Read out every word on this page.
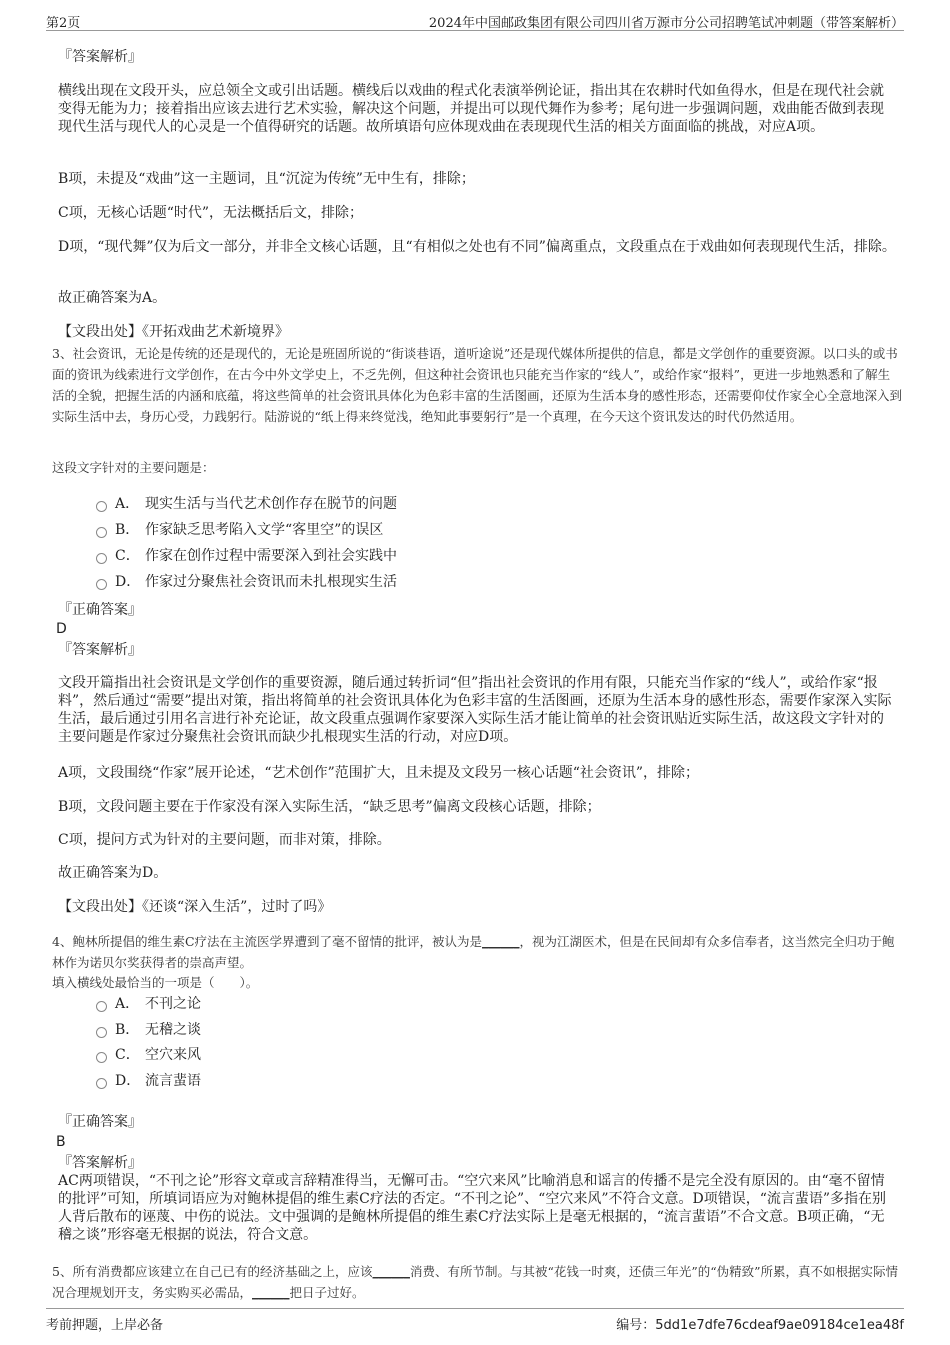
第2页	2024年中国邮政集团有限公司四川省万源市分公司招聘笔试冲刺题（带答案解析）

『答案解析』

横线出现在文段开头，应总领全文或引出话题。横线后以戏曲的程式化表演举例论证，指出其在农耕时代如鱼得水，但是在现代社会就变得无能为力；接着指出应该去进行艺术实验，解决这个问题，并提出可以现代舞作为参考；尾句进一步强调问题，戏曲能否做到表现现代生活与现代人的心灵是一个值得研究的话题。故所填语句应体现戏曲在表现现代生活的相关方面面临的挑战，对应A项。

B项，未提及“戏曲”这一主题词，且“沉淀为传统”无中生有，排除；

C项，无核心话题“时代”，无法概括后文，排除；

D项，“现代舞”仅为后文一部分，并非全文核心话题，且“有相似之处也有不同”偏离重点，文段重点在于戏曲如何表现现代生活，排除。

故正确答案为A。

【文段出处】《开拓戏曲艺术新境界》

3、社会资讯，无论是传统的还是现代的，无论是班固所说的“街谈巷语，道听途说”还是现代媒体所提供的信息，都是文学创作的重要资源。以口头的或书面的资讯为线索进行文学创作，在古今中外文学史上，不乏先例，但这种社会资讯也只能充当作家的“线人”，或给作家“报料”，更进一步地熟悉和了解生活的全貌，把握生活的内涵和底蕴，将这些简单的社会资讯具体化为色彩丰富的生活图画，还原为生活本身的感性形态，还需要仰仗作家全心全意地深入到实际生活中去，身历心受，力践躬行。陆游说的“纸上得来终觉浅，绝知此事要躬行”是一个真理，在今天这个资讯发达的时代仍然适用。

这段文字针对的主要问题是：

A． 现实生活与当代艺术创作存在脱节的问题
B． 作家缺乏思考陷入文学“客里空”的误区
C． 作家在创作过程中需要深入到社会实践中
D． 作家过分聚焦社会资讯而未扎根现实生活

『正确答案』

D

『答案解析』

文段开篇指出社会资讯是文学创作的重要资源，随后通过转折词“但”指出社会资讯的作用有限，只能充当作家的“线人”，或给作家“报料”，然后通过“需要”提出对策，指出将简单的社会资讯具体化为色彩丰富的生活图画，还原为生活本身的感性形态，需要作家深入实际生活，最后通过引用名言进行补充论证，故文段重点强调作家要深入实际生活才能让简单的社会资讯贴近实际生活，故这段文字针对的主要问题是作家过分聚焦社会资讯而缺少扎根现实生活的行动，对应D项。

A项，文段围绕“作家”展开论述，“艺术创作”范围扩大，且未提及文段另一核心话题“社会资讯”，排除；

B项，文段问题主要在于作家没有深入实际生活，“缺乏思考”偏离文段核心话题，排除；

C项，提问方式为针对的主要问题，而非对策，排除。

故正确答案为D。

【文段出处】《还谈“深入生活”，过时了吗》

4、鲍林所提倡的维生素C疗法在主流医学界遭到了毫不留情的批评，被认为是______，视为江湖医术，但是在民间却有众多信奉者，这当然完全归功于鲍林作为诺贝尔奖获得者的崇高声望。

填入横线处最恰当的一项是（　　）。

A． 不刊之论
B． 无稽之谈
C． 空穴来风
D． 流言蜚语

『正确答案』

B

『答案解析』

AC两项错误，“不刊之论”形容文章或言辞精准得当，无懈可击。“空穴来风”比喻消息和谣言的传播不是完全没有原因的。由“毫不留情的批评”可知，所填词语应为对鲍林提倡的维生素C疗法的否定。“不刊之论”、“空穴来风”不符合文意。D项错误，“流言蜚语”多指在别人背后散布的诬蔑、中伤的说法。文中强调的是鲍林所提倡的维生素C疗法实际上是毫无根据的，“流言蜚语”不合文意。B项正确，“无稽之谈”形容毫无根据的说法，符合文意。

5、所有消费都应该建立在自己已有的经济基础之上，应该______消费、有所节制。与其被“花钱一时爽，还债三年光”的“伪精致”所累，真不如根据实际情况合理规划开支，务实购买必需品，______把日子过好。

考前押题，上岸必备	编号：5dd1e7dfe76cdeaf9ae09184ce1ea48f
